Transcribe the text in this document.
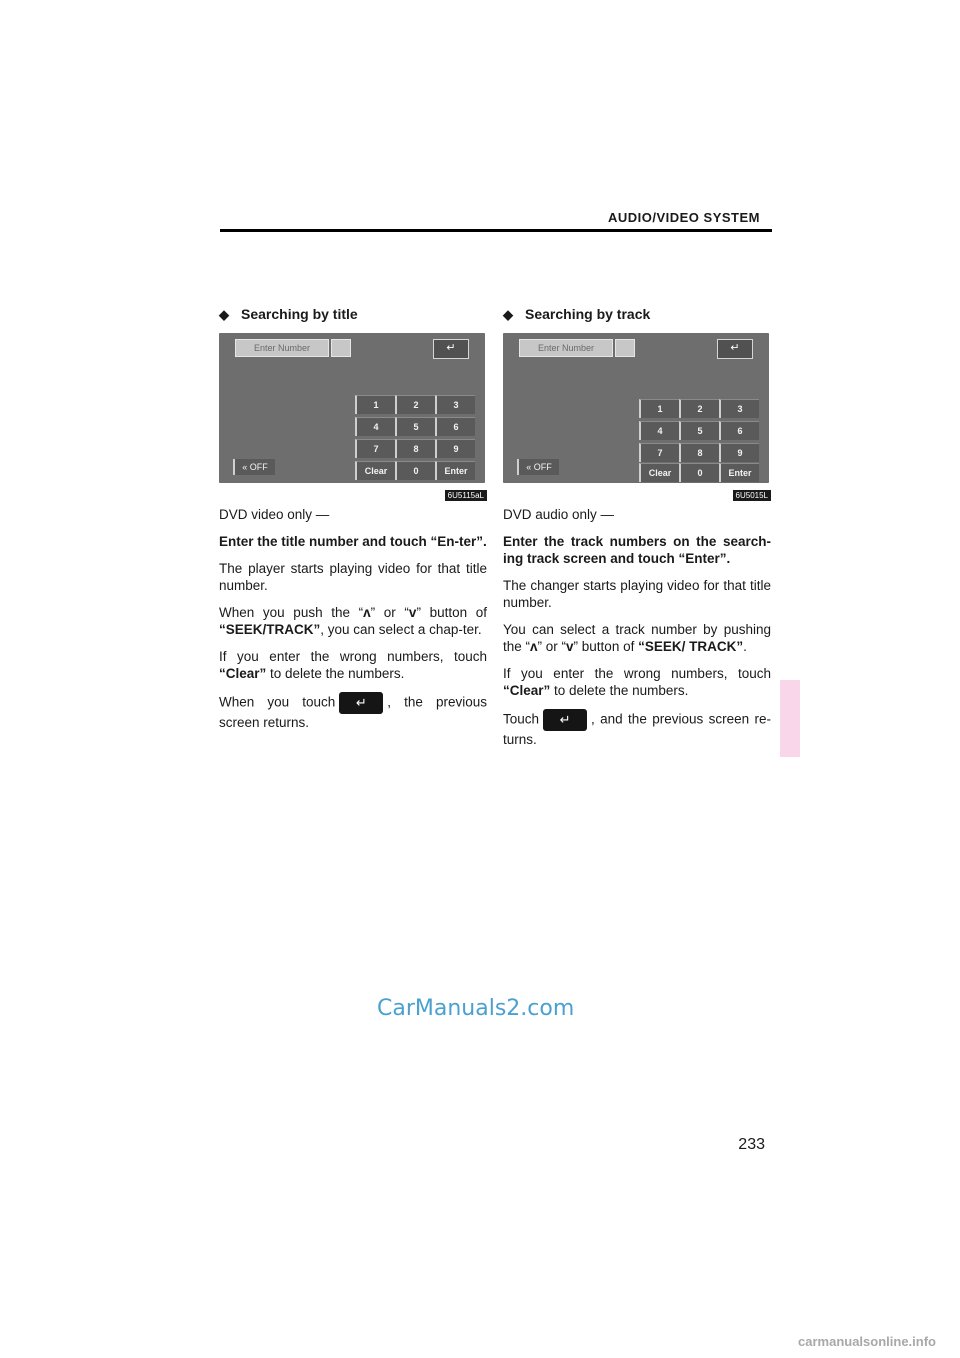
AUDIO/VIDEO SYSTEM
◆ Searching by title
Enter Number	↵
1	2	3
4	5	6
7	8	9
Clear	0	Enter
« OFF
6U5115aL

DVD video only —

Enter the title number and touch “En-ter”.

The player starts playing video for that title number.

When you push the “ʌ” or “v” button of “SEEK/TRACK”, you can select a chap-ter.

If you enter the wrong numbers, touch “Clear” to delete the numbers.

When you touch ↵	, the previous screen returns.

◆ Searching by track
Enter Number	↵
1	2	3
4	5	6
7	8	9
Clear	0	Enter
« OFF
6U5015L

DVD audio only —

Enter the track numbers on the search-ing track screen and touch “Enter”.

The changer starts playing video for that title number.

You can select a track number by pushing the “ʌ” or “v” button of “SEEK/ TRACK”.

If you enter the wrong numbers, touch “Clear” to delete the numbers.

Touch ↵	, and the previous screen re-turns.

CarManuals2.com
233
carmanualsonline.info
